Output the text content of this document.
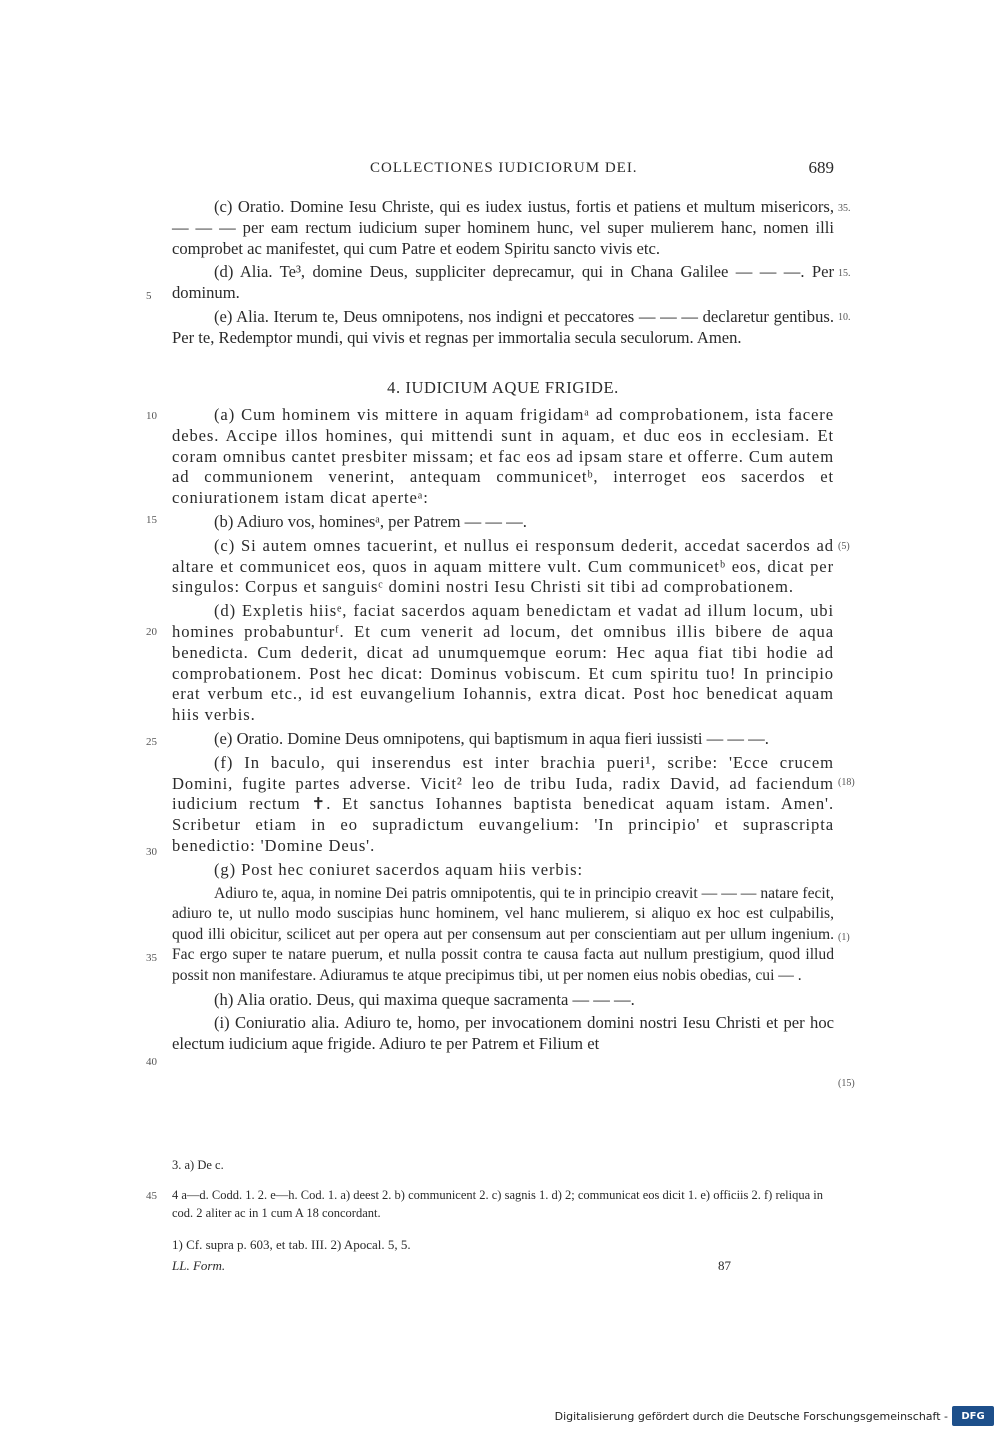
COLLECTIONES IUDICIORUM DEI.	689

(c) Oratio. Domine Iesu Christe, qui es iudex iustus, fortis et patiens et multum misericors, — — — per eam rectum iudicium super hominem hunc, vel super mulierem hanc, nomen illi comprobet ac manifestet, qui cum Patre et eodem Spiritu sancto vivis etc.

(d) Alia. Te³, domine Deus, suppliciter deprecamur, qui in Chana Galilee — — —. Per dominum.

(e) Alia. Iterum te, Deus omnipotens, nos indigni et peccatores — — — declaretur gentibus. Per te, Redemptor mundi, qui vivis et regnas per immortalia secula seculorum. Amen.

35.
5
15.
10.
4. IUDICIUM AQUE FRIGIDE.

(a) Cum hominem vis mittere in aquam frigidamᵃ ad comprobationem, ista facere debes. Accipe illos homines, qui mittendi sunt in aquam, et duc eos in ecclesiam. Et coram omnibus cantet presbiter missam; et fac eos ad ipsam stare et offerre. Cum autem ad communionem venerint, antequam communicetᵇ, interroget eos sacerdos et coniurationem istam dicat aperteᵃ:

(b) Adiuro vos, hominesᵃ, per Patrem — — —.

(c) Si autem omnes tacuerint, et nullus ei responsum dederit, accedat sacerdos ad altare et communicet eos, quos in aquam mittere vult. Cum communicetᵇ eos, dicat per singulos: Corpus et sanguisᶜ domini nostri Iesu Christi sit tibi ad comprobationem.

(d) Expletis hiisᵉ, faciat sacerdos aquam benedictam et vadat ad illum locum, ubi homines probabunturᶠ. Et cum venerit ad locum, det omnibus illis bibere de aqua benedicta. Cum dederit, dicat ad unumquemque eorum: Hec aqua fiat tibi hodie ad comprobationem. Post hec dicat: Dominus vobiscum. Et cum spiritu tuo! In principio erat verbum etc., id est euvangelium Iohannis, extra dicat. Post hoc benedicat aquam hiis verbis.

(e) Oratio. Domine Deus omnipotens, qui baptismum in aqua fieri iussisti — — —.

(f) In baculo, qui inserendus est inter brachia pueri¹, scribe: 'Ecce crucem Domini, fugite partes adverse. Vicit² leo de tribu Iuda, radix David, ad faciendum iudicium rectum ✝. Et sanctus Iohannes baptista benedicat aquam istam. Amen'. Scribetur etiam in eo supradictum euvangelium: 'In principio' et suprascripta benedictio: 'Domine Deus'.

(g) Post hec coniuret sacerdos aquam hiis verbis:

Adiuro te, aqua, in nomine Dei patris omnipotentis, qui te in principio creavit — — — natare fecit, adiuro te, ut nullo modo suscipias hunc hominem, vel hanc mulierem, si aliquo ex hoc est culpabilis, quod illi obicitur, scilicet aut per opera aut per consensum aut per conscientiam aut per ullum ingenium. Fac ergo super te natare puerum, et nulla possit contra te causa facta aut nullum prestigium, quod illud possit non manifestare. Adiuramus te atque precipimus tibi, ut per nomen eius nobis obedias, cui — .

(h) Alia oratio. Deus, qui maxima queque sacramenta — — —.

(i) Coniuratio alia. Adiuro te, homo, per invocationem domini nostri Iesu Christi et per hoc electum iudicium aque frigide. Adiuro te per Patrem et Filium et

10
15
20
25
30
35
40
(5)
(18)
(1)
(15)
3. a) De c.
45 4 a—d. Codd. 1. 2. e—h. Cod. 1. a) deest 2. b) communicent 2. c) sagnis 1. d) 2; communicat eos dicit 1. e) officiis 2. f) reliqua in cod. 2 aliter ac in 1 cum A 18 concordant.
1) Cf. supra p. 603, et tab. III. 2) Apocal. 5, 5.
LL. Form.	87
Digitalisierung gefördert durch die Deutsche Forschungsgemeinschaft -	DFG
